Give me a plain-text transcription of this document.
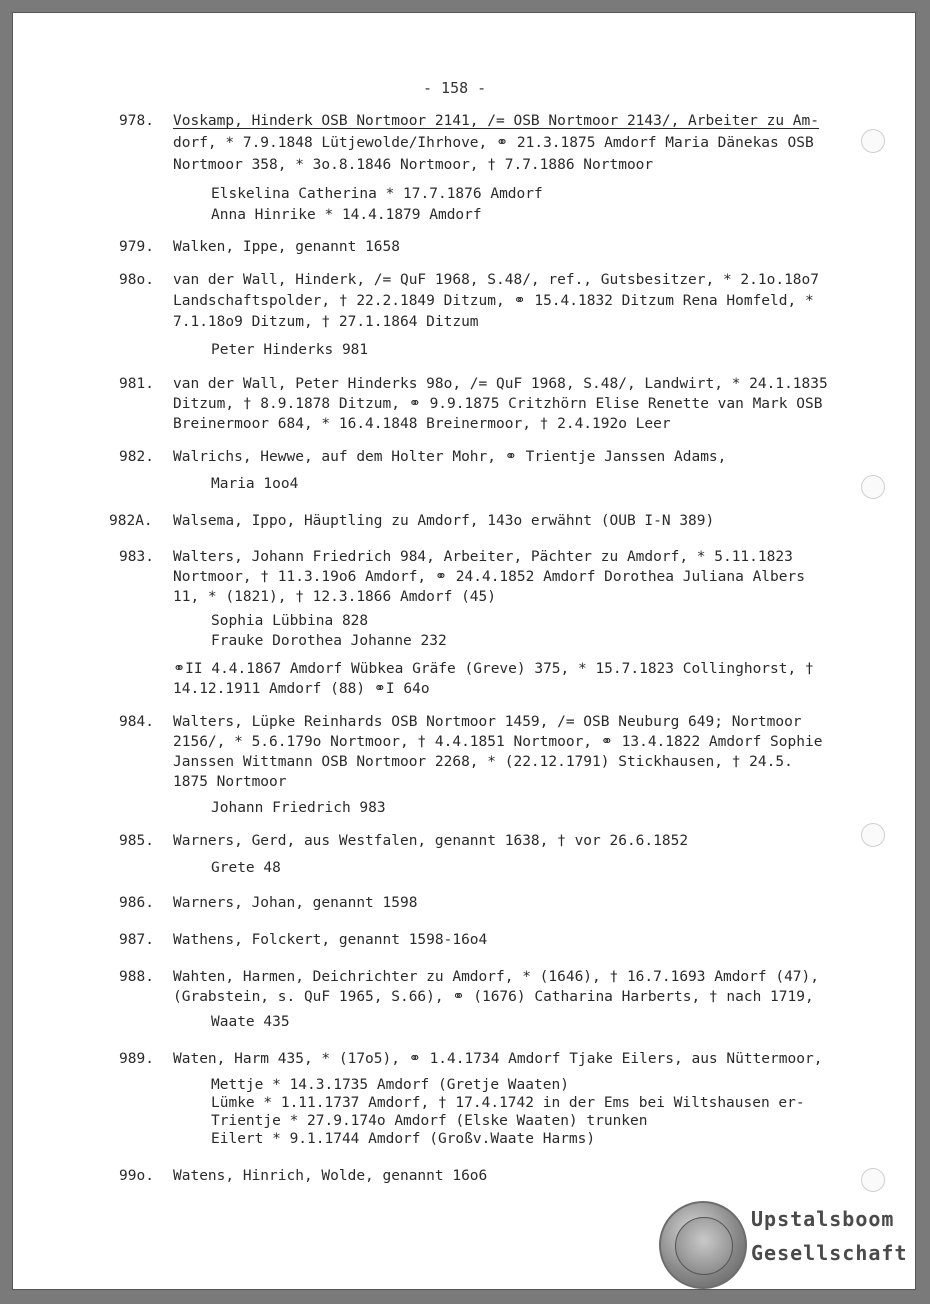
- 158 -
978.	Voskamp, Hinderk OSB Nortmoor 2141, /= OSB Nortmoor 2143/, Arbeiter zu Am-
dorf, * 7.9.1848 Lütjewolde/Ihrhove, ⚭ 21.3.1875 Amdorf Maria Dänekas OSB
Nortmoor 358, * 3o.8.1846 Nortmoor, † 7.7.1886 Nortmoor
Elskelina Catherina * 17.7.1876 Amdorf
Anna Hinrike * 14.4.1879 Amdorf
979.	Walken, Ippe, genannt 1658
98o.	van der Wall, Hinderk, /= QuF 1968, S.48/, ref., Gutsbesitzer, * 2.1o.18o7
Landschaftspolder, † 22.2.1849 Ditzum, ⚭ 15.4.1832 Ditzum Rena Homfeld, *
7.1.18o9 Ditzum, † 27.1.1864 Ditzum
Peter Hinderks 981
981.	van der Wall, Peter Hinderks 98o, /= QuF 1968, S.48/, Landwirt, * 24.1.1835
Ditzum, † 8.9.1878 Ditzum, ⚭ 9.9.1875 Critzhörn Elise Renette van Mark OSB
Breinermoor 684, * 16.4.1848 Breinermoor, † 2.4.192o Leer
982.	Walrichs, Hewwe, auf dem Holter Mohr, ⚭ Trientje Janssen Adams,
Maria 1oo4
982A.	Walsema, Ippo, Häuptling zu Amdorf, 143o erwähnt (OUB I-N 389)
983.	Walters, Johann Friedrich 984, Arbeiter, Pächter zu Amdorf, * 5.11.1823
Nortmoor, † 11.3.19o6 Amdorf, ⚭ 24.4.1852 Amdorf Dorothea Juliana Albers
11, * (1821), † 12.3.1866 Amdorf (45)
Sophia Lübbina 828
Frauke Dorothea Johanne 232
⚭II 4.4.1867 Amdorf Wübkea Gräfe (Greve) 375, * 15.7.1823 Collinghorst, †
14.12.1911 Amdorf (88) ⚭I 64o
984.	Walters, Lüpke Reinhards OSB Nortmoor 1459, /= OSB Neuburg 649; Nortmoor
2156/, * 5.6.179o Nortmoor, † 4.4.1851 Nortmoor, ⚭ 13.4.1822 Amdorf Sophie
Janssen Wittmann OSB Nortmoor 2268, * (22.12.1791) Stickhausen, † 24.5.
1875 Nortmoor
Johann Friedrich 983
985.	Warners, Gerd, aus Westfalen, genannt 1638, † vor 26.6.1852
Grete 48
986.	Warners, Johan, genannt 1598
987.	Wathens, Folckert, genannt 1598-16o4
988.	Wahten, Harmen, Deichrichter zu Amdorf, * (1646), † 16.7.1693 Amdorf (47),
(Grabstein, s. QuF 1965, S.66), ⚭ (1676) Catharina Harberts, † nach 1719,
Waate 435
989.	Waten, Harm 435, * (17o5), ⚭ 1.4.1734 Amdorf Tjake Eilers, aus Nüttermoor,
Mettje * 14.3.1735 Amdorf (Gretje Waaten)
Lümke * 1.11.1737 Amdorf, † 17.4.1742 in der Ems bei Wiltshausen er-
Trientje * 27.9.174o Amdorf (Elske Waaten) trunken
Eilert * 9.1.1744 Amdorf (Großv.Waate Harms)
99o.	Watens, Hinrich, Wolde, genannt 16o6
Upstalsboom
Gesellschaft
